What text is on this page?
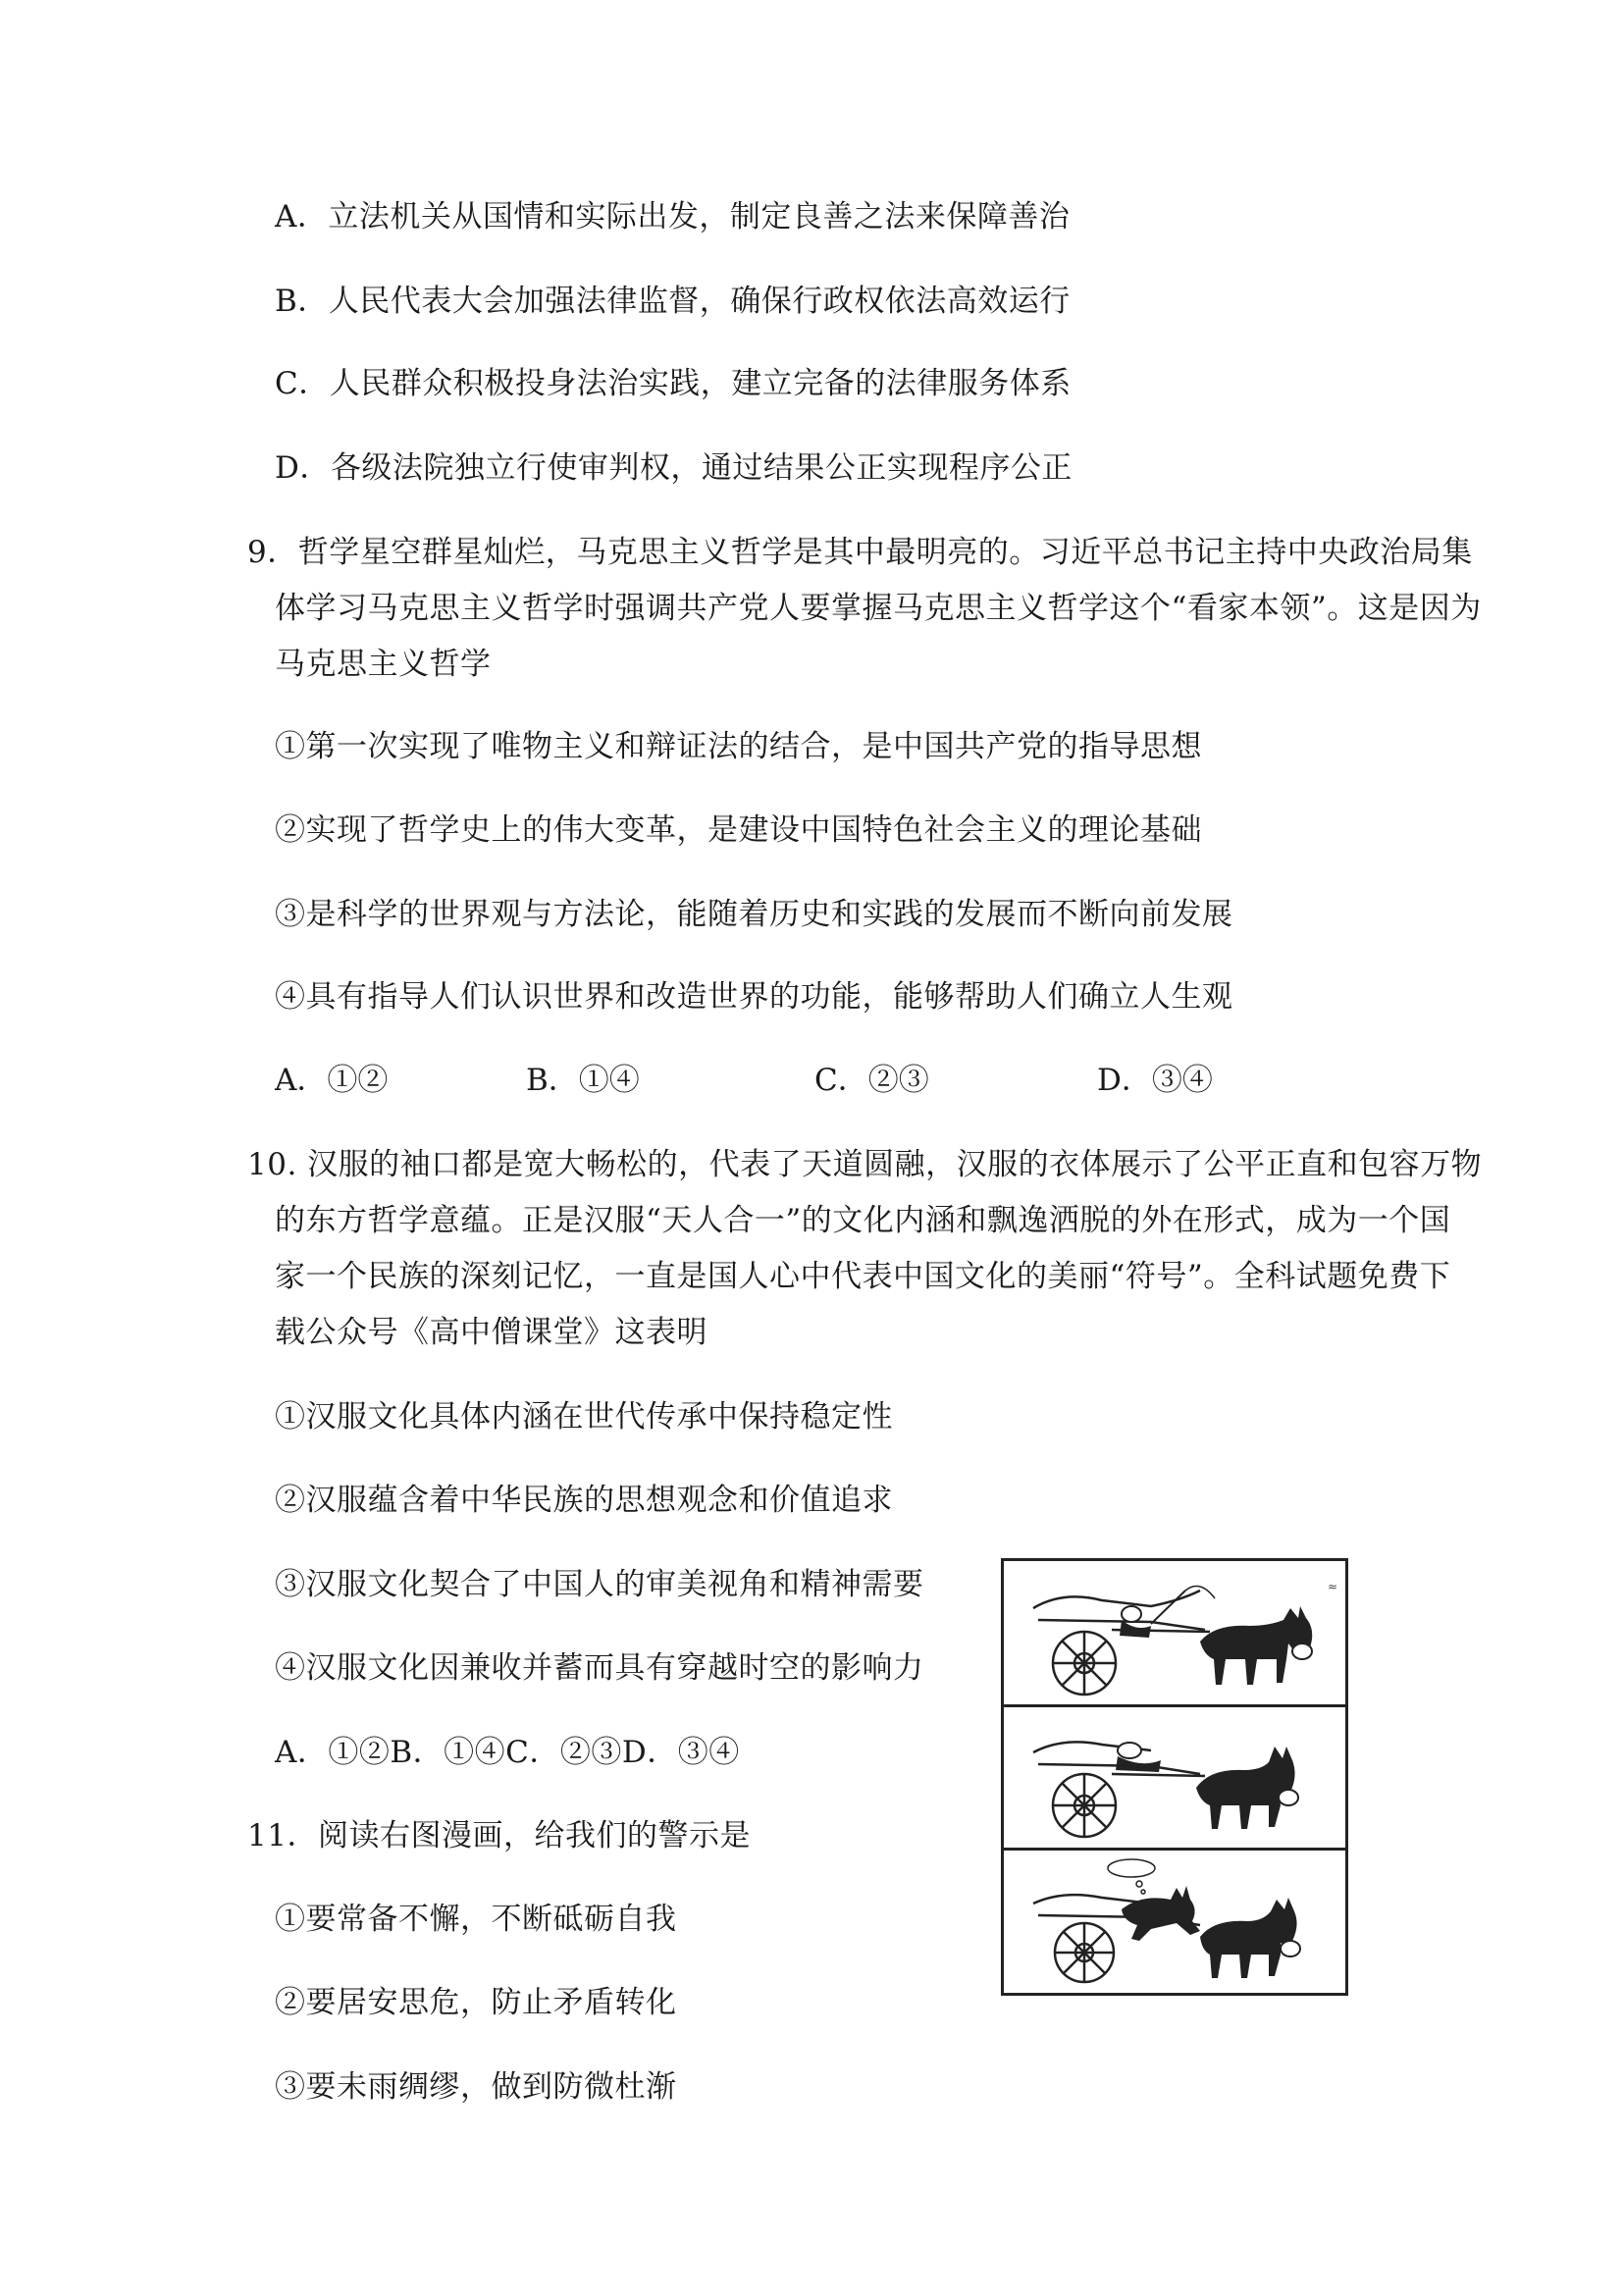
A．立法机关从国情和实际出发，制定良善之法来保障善治
B．人民代表大会加强法律监督，确保行政权依法高效运行
C．人民群众积极投身法治实践，建立完备的法律服务体系
D．各级法院独立行使审判权，通过结果公正实现程序公正
9．哲学星空群星灿烂，马克思主义哲学是其中最明亮的。习近平总书记主持中央政治局集
体学习马克思主义哲学时强调共产党人要掌握马克思主义哲学这个“看家本领”。这是因为
马克思主义哲学
①第一次实现了唯物主义和辩证法的结合，是中国共产党的指导思想
②实现了哲学史上的伟大变革，是建设中国特色社会主义的理论基础
③是科学的世界观与方法论，能随着历史和实践的发展而不断向前发展
④具有指导人们认识世界和改造世界的功能，能够帮助人们确立人生观
A．①②	B．①④	C．②③	D．③④
10. 汉服的袖口都是宽大畅松的，代表了天道圆融，汉服的衣体展示了公平正直和包容万物
的东方哲学意蕴。正是汉服“天人合一”的文化内涵和飘逸洒脱的外在形式，成为一个国
家一个民族的深刻记忆，一直是国人心中代表中国文化的美丽“符号”。全科试题免费下
载公众号《高中僧课堂》这表明
①汉服文化具体内涵在世代传承中保持稳定性
②汉服蕴含着中华民族的思想观念和价值追求
③汉服文化契合了中国人的审美视角和精神需要
④汉服文化因兼收并蓄而具有穿越时空的影响力
A．①②B．①④C．②③D．③④
11．阅读右图漫画，给我们的警示是
①要常备不懈，不断砥砺自我
②要居安思危，防止矛盾转化
③要未雨绸缪，做到防微杜渐
≈
